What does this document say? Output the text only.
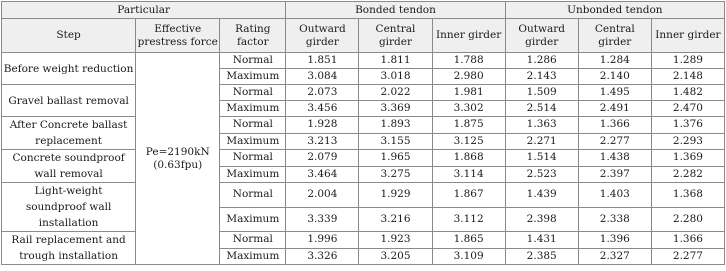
Particular			Bonded tendon			Unbonded tendon		
Step	Effective prestress force	Rating factor	Outward girder	Central girder	Inner girder	Outward girder	Central girder	Inner girder
Before weight reduction	Pe=2190kN (0.63fpu)	Normal	1.851	1.811	1.788	1.286	1.284	1.289
		Maximum	3.084	3.018	2.980	2.143	2.140	2.148
Gravel ballast removal		Normal	2.073	2.022	1.981	1.509	1.495	1.482
		Maximum	3.456	3.369	3.302	2.514	2.491	2.470
After Concrete ballast replacement		Normal	1.928	1.893	1.875	1.363	1.366	1.376
		Maximum	3.213	3.155	3.125	2.271	2.277	2.293
Concrete soundproof wall removal		Normal	2.079	1.965	1.868	1.514	1.438	1.369
		Maximum	3.464	3.275	3.114	2.523	2.397	2.282
Light-weight soundproof wall installation		Normal	2.004	1.929	1.867	1.439	1.403	1.368
		Maximum	3.339	3.216	3.112	2.398	2.338	2.280
Rail replacement and trough installation		Normal	1.996	1.923	1.865	1.431	1.396	1.366
		Maximum	3.326	3.205	3.109	2.385	2.327	2.277
